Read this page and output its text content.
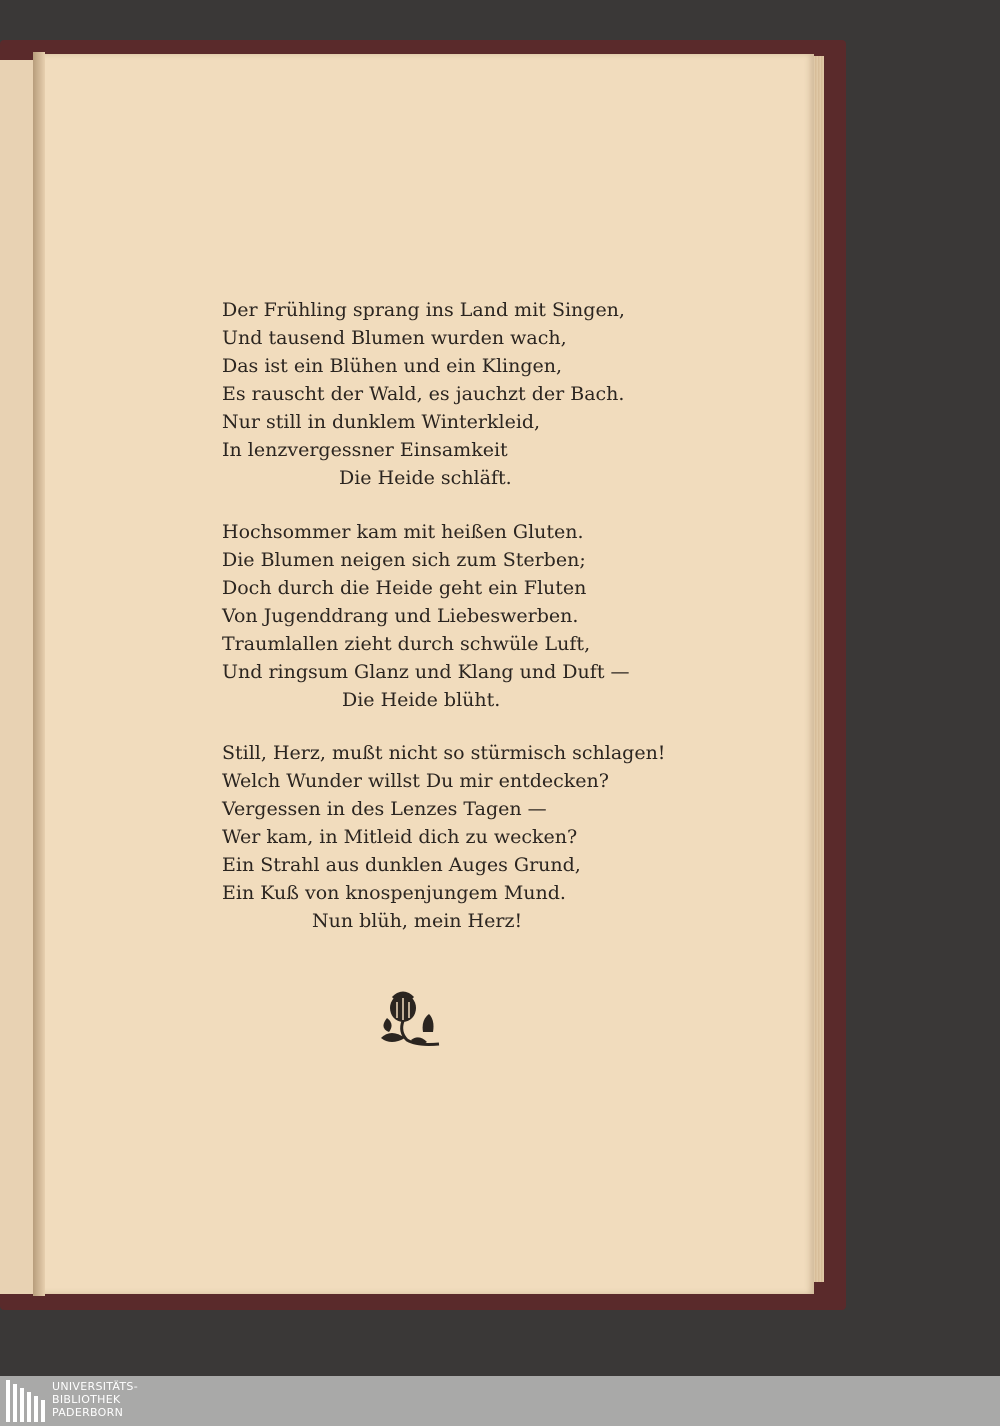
Der Frühling sprang ins Land mit Singen,
Und tausend Blumen wurden wach,
Das ist ein Blühen und ein Klingen,
Es rauscht der Wald, es jauchzt der Bach.
Nur still in dunklem Winterkleid,
In lenzvergessner Einsamkeit
Die Heide schläft.
Hochsommer kam mit heißen Gluten.
Die Blumen neigen sich zum Sterben;
Doch durch die Heide geht ein Fluten
Von Jugenddrang und Liebeswerben.
Traumlallen zieht durch schwüle Luft,
Und ringsum Glanz und Klang und Duft —
Die Heide blüht.
Still, Herz, mußt nicht so stürmisch schlagen!
Welch Wunder willst Du mir entdecken?
Vergessen in des Lenzes Tagen —
Wer kam, in Mitleid dich zu wecken?
Ein Strahl aus dunklen Auges Grund,
Ein Kuß von knospenjungem Mund.
Nun blüh, mein Herz!
UNIVERSITÄTS-
BIBLIOTHEK
PADERBORN
